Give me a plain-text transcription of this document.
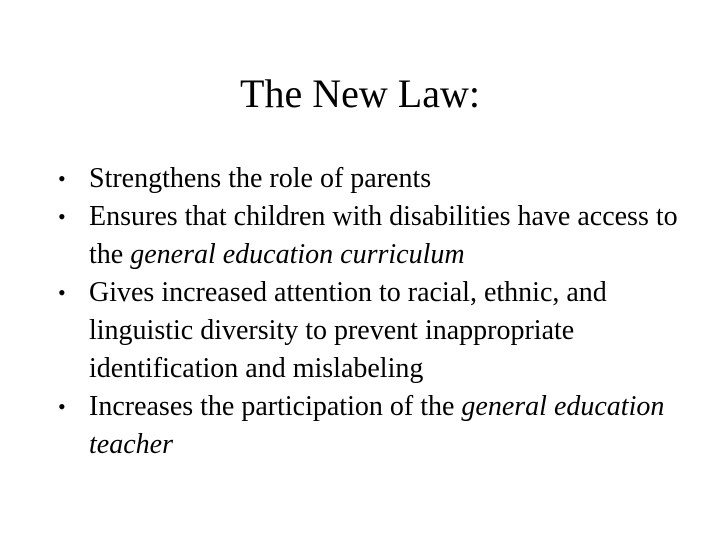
The New Law:
• Strengthens the role of parents
• Ensures that children with disabilities have access to the general education curriculum
• Gives increased attention to racial, ethnic, and linguistic diversity to prevent inappropriate identification and mislabeling
• Increases the participation of the general education teacher
